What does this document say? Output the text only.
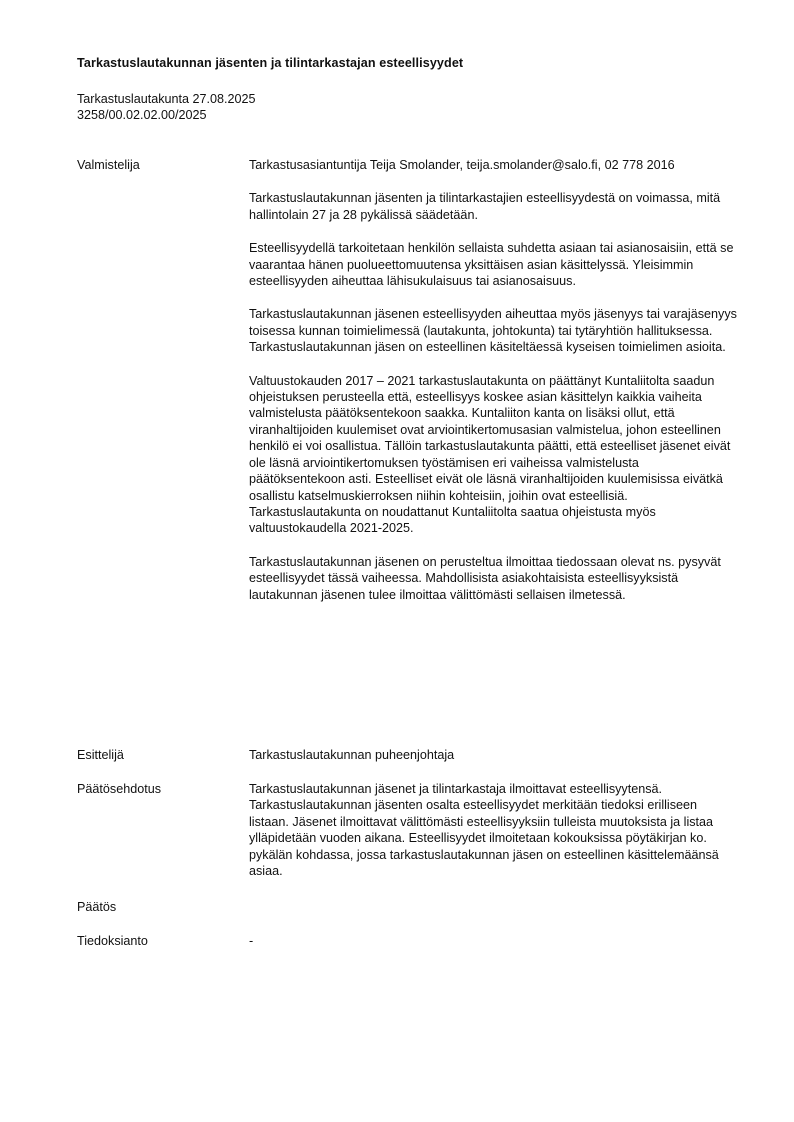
Tarkastuslautakunnan jäsenten ja tilintarkastajan esteellisyydet
Tarkastuslautakunta 27.08.2025
3258/00.02.02.00/2025
Valmistelija	Tarkastusasiantuntija Teija Smolander, teija.smolander@salo.fi, 02 778 2016

Tarkastuslautakunnan jäsenten ja tilintarkastajien esteellisyydestä on voimassa, mitä hallintolain 27 ja 28 pykälissä säädetään.

Esteellisyydellä tarkoitetaan henkilön sellaista suhdetta asiaan tai asianosaisiin, että se vaarantaa hänen puolueettomuutensa yksittäisen asian käsittelyssä. Yleisimmin esteellisyyden aiheuttaa lähisukulaisuus tai asianosaisuus.

Tarkastuslautakunnan jäsenen esteellisyyden aiheuttaa myös jäsenyys tai varajäsenyys toisessa kunnan toimielimessä (lautakunta, johtokunta) tai tytäryhtiön hallituksessa. Tarkastuslautakunnan jäsen on esteellinen käsiteltäessä kyseisen toimielimen asioita.

Valtuustokauden 2017 – 2021 tarkastuslautakunta on päättänyt Kuntaliitolta saadun ohjeistuksen perusteella että, esteellisyys koskee asian käsittelyn kaikkia vaiheita valmistelusta päätöksentekoon saakka. Kuntaliiton kanta on lisäksi ollut, että viranhaltijoiden kuulemiset ovat arviointikertomusasian valmistelua, johon esteellinen henkilö ei voi osallistua. Tällöin tarkastuslautakunta päätti, että esteelliset jäsenet eivät ole läsnä arviointikertomuksen työstämisen eri vaiheissa valmistelusta päätöksentekoon asti. Esteelliset eivät ole läsnä viranhaltijoiden kuulemisissa eivätkä osallistu katselmuskierroksen niihin kohteisiin, joihin ovat esteellisiä. Tarkastuslautakunta on noudattanut Kuntaliitolta saatua ohjeistusta myös valtuustokaudella 2021-2025.

Tarkastuslautakunnan jäsenen on perusteltua ilmoittaa tiedossaan olevat ns. pysyvät esteellisyydet tässä vaiheessa. Mahdollisista asiakohtaisista esteellisyyksistä lautakunnan jäsenen tulee ilmoittaa välittömästi sellaisen ilmetessä.

Esittelijä	Tarkastuslautakunnan puheenjohtaja
Päätösehdotus	Tarkastuslautakunnan jäsenet ja tilintarkastaja ilmoittavat esteellisyytensä. Tarkastuslautakunnan jäsenten osalta esteellisyydet merkitään tiedoksi erilliseen listaan. Jäsenet ilmoittavat välittömästi esteellisyyksiin tulleista muutoksista ja listaa ylläpidetään vuoden aikana. Esteellisyydet ilmoitetaan kokouksissa pöytäkirjan ko. pykälän kohdassa, jossa tarkastuslautakunnan jäsen on esteellinen käsittelemäänsä asiaa.
Päätös
Tiedoksianto	-
